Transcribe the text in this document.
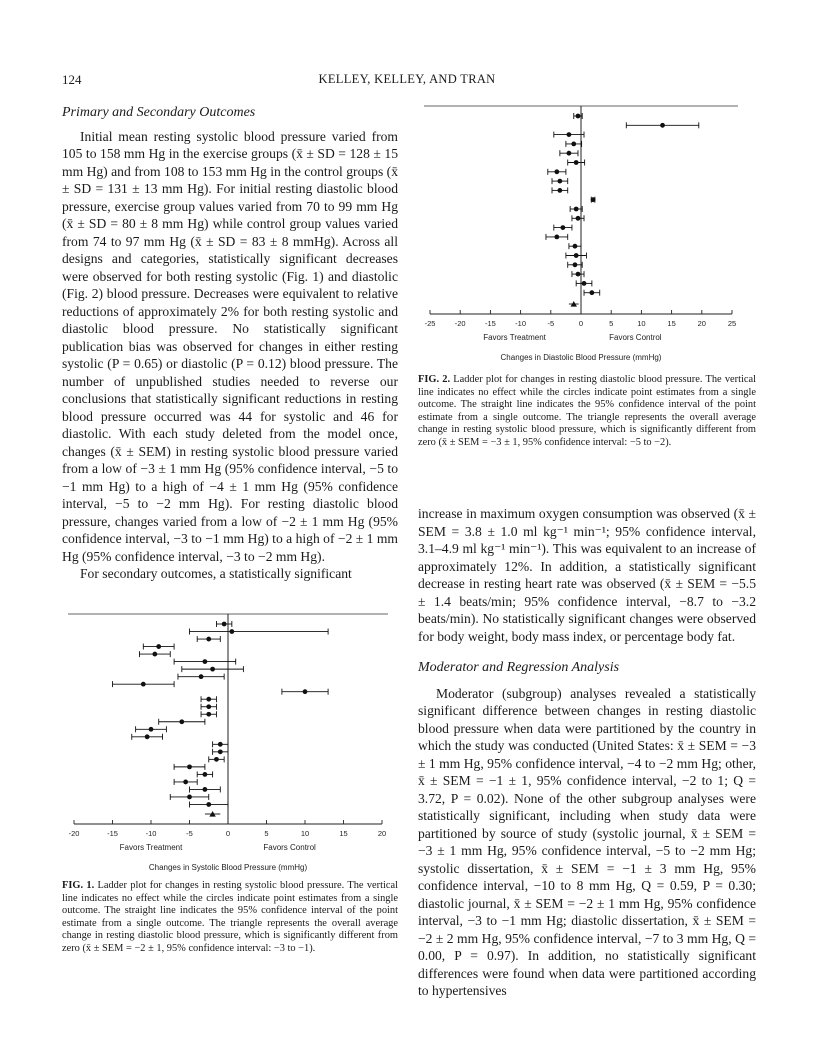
124	KELLEY, KELLEY, AND TRAN
Primary and Secondary Outcomes

Initial mean resting systolic blood pressure varied from 105 to 158 mm Hg in the exercise groups (x̄ ± SD = 128 ± 15 mm Hg) and from 108 to 153 mm Hg in the control groups (x̄ ± SD = 131 ± 13 mm Hg). For initial resting diastolic blood pressure, exercise group values varied from 70 to 99 mm Hg (x̄ ± SD = 80 ± 8 mm Hg) while control group values varied from 74 to 97 mm Hg (x̄ ± SD = 83 ± 8 mmHg). Across all designs and categories, statistically significant decreases were observed for both resting systolic (Fig. 1) and diastolic (Fig. 2) blood pressure. Decreases were equivalent to relative reductions of approximately 2% for both resting systolic and diastolic blood pressure. No statistically significant publication bias was observed for changes in either resting systolic (P = 0.65) or diastolic (P = 0.12) blood pressure. The number of unpublished studies needed to reverse our conclusions that statistically significant reductions in resting blood pressure occurred was 44 for systolic and 46 for diastolic. With each study deleted from the model once, changes (x̄ ± SEM) in resting systolic blood pressure varied from a low of −3 ± 1 mm Hg (95% confidence interval, −5 to −1 mm Hg) to a high of −4 ± 1 mm Hg (95% confidence interval, −5 to −2 mm Hg). For resting diastolic blood pressure, changes varied from a low of −2 ± 1 mm Hg (95% confidence interval, −3 to −1 mm Hg) to a high of −2 ± 1 mm Hg (95% confidence interval, −3 to −2 mm Hg).

For secondary outcomes, a statistically significant

-25	-20	-15	-10	-5	0	5	10	15	20	25
Favors Treatment	Favors Control
Changes in Diastolic Blood Pressure (mmHg)
FIG. 2. Ladder plot for changes in resting diastolic blood pressure. The vertical line indicates no effect while the circles indicate point estimates from a single outcome. The straight line indicates the 95% confidence interval of the point estimate from a single outcome. The triangle represents the overall average change in resting systolic blood pressure, which is significantly different from zero (x̄ ± SEM = −3 ± 1, 95% confidence interval: −5 to −2).

increase in maximum oxygen consumption was observed (x̄ ± SEM = 3.8 ± 1.0 ml kg⁻¹ min⁻¹; 95% confidence interval, 3.1–4.9 ml kg⁻¹ min⁻¹). This was equivalent to an increase of approximately 12%. In addition, a statistically significant decrease in resting heart rate was observed (x̄ ± SEM = −5.5 ± 1.4 beats/min; 95% confidence interval, −8.7 to −3.2 beats/min). No statistically significant changes were observed for body weight, body mass index, or percentage body fat.

Moderator and Regression Analysis

Moderator (subgroup) analyses revealed a statistically significant difference between changes in resting diastolic blood pressure when data were partitioned by the country in which the study was conducted (United States: x̄ ± SEM = −3 ± 1 mm Hg, 95% confidence interval, −4 to −2 mm Hg; other, x̄ ± SEM = −1 ± 1, 95% confidence interval, −2 to 1; Q = 3.72, P = 0.02). None of the other subgroup analyses were statistically significant, including when study data were partitioned by source of study (systolic journal, x̄ ± SEM = −3 ± 1 mm Hg, 95% confidence interval, −5 to −2 mm Hg; systolic dissertation, x̄ ± SEM = −1 ± 3 mm Hg, 95% confidence interval, −10 to 8 mm Hg, Q = 0.59, P = 0.30; diastolic journal, x̄ ± SEM = −2 ± 1 mm Hg, 95% confidence interval, −3 to −1 mm Hg; diastolic dissertation, x̄ ± SEM = −2 ± 2 mm Hg, 95% confidence interval, −7 to 3 mm Hg, Q = 0.00, P = 0.97). In addition, no statistically significant differences were found when data were partitioned according to hypertensives

-20	-15	-10	-5	0	5	10	15	20
Favors Treatment	Favors Control
Changes in Systolic Blood Pressure (mmHg)
FIG. 1. Ladder plot for changes in resting systolic blood pressure. The vertical line indicates no effect while the circles indicate point estimates from a single outcome. The straight line indicates the 95% confidence interval of the point estimate from a single outcome. The triangle represents the overall average change in resting diastolic blood pressure, which is significantly different from zero (x̄ ± SEM = −2 ± 1, 95% confidence interval: −3 to −1).
